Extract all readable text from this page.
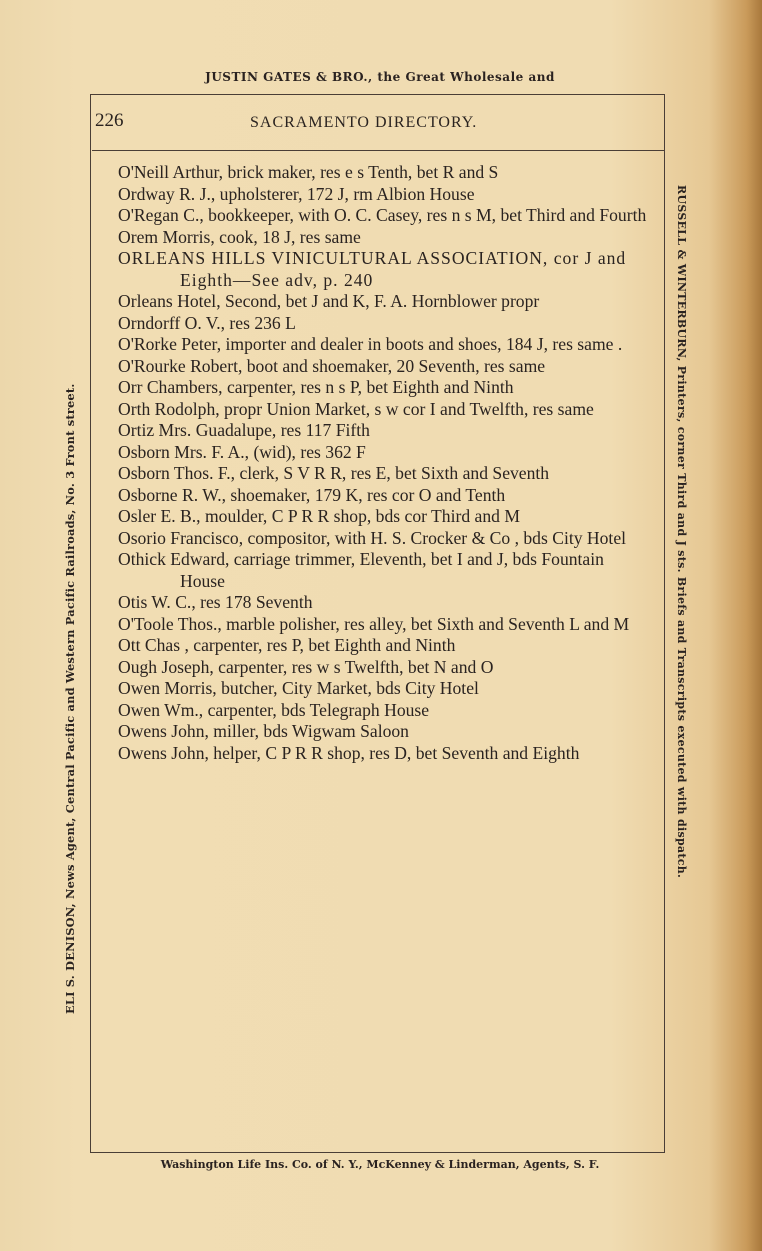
JUSTIN GATES & BRO., the Great Wholesale and
226	SACRAMENTO DIRECTORY.
ELI S. DENISON, News Agent, Central Pacific and Western Pacific Railroads, No. 3 Front street.	RUSSELL & WINTERBURN, Printers, corner Third and J sts. Briefs and Transcripts executed with dispatch.
O'Neill Arthur, brick maker, res e s Tenth, bet R and S
Ordway R. J., upholsterer, 172 J, rm Albion House
O'Regan C., bookkeeper, with O. C. Casey, res n s M, bet Third and Fourth
Orem Morris, cook, 18 J, res same
ORLEANS HILLS VINICULTURAL ASSOCIATION, cor J and Eighth—See adv, p. 240
Orleans Hotel, Second, bet J and K, F. A. Hornblower propr
Orndorff O. V., res 236 L
O'Rorke Peter, importer and dealer in boots and shoes, 184 J, res same .
O'Rourke Robert, boot and shoemaker, 20 Seventh, res same
Orr Chambers, carpenter, res n s P, bet Eighth and Ninth
Orth Rodolph, propr Union Market, s w cor I and Twelfth, res same
Ortiz Mrs. Guadalupe, res 117 Fifth
Osborn Mrs. F. A., (wid), res 362 F
Osborn Thos. F., clerk, S V R R, res E, bet Sixth and Seventh
Osborne R. W., shoemaker, 179 K, res cor O and Tenth
Osler E. B., moulder, C P R R shop, bds cor Third and M
Osorio Francisco, compositor, with H. S. Crocker & Co , bds City Hotel
Othick Edward, carriage trimmer, Eleventh, bet I and J, bds Fountain House
Otis W. C., res 178 Seventh
O'Toole Thos., marble polisher, res alley, bet Sixth and Seventh L and M
Ott Chas , carpenter, res P, bet Eighth and Ninth
Ough Joseph, carpenter, res w s Twelfth, bet N and O
Owen Morris, butcher, City Market, bds City Hotel
Owen Wm., carpenter, bds Telegraph House
Owens John, miller, bds Wigwam Saloon
Owens John, helper, C P R R shop, res D, bet Seventh and Eighth
Washington Life Ins. Co. of N. Y., McKenney & Linderman, Agents, S. F.
